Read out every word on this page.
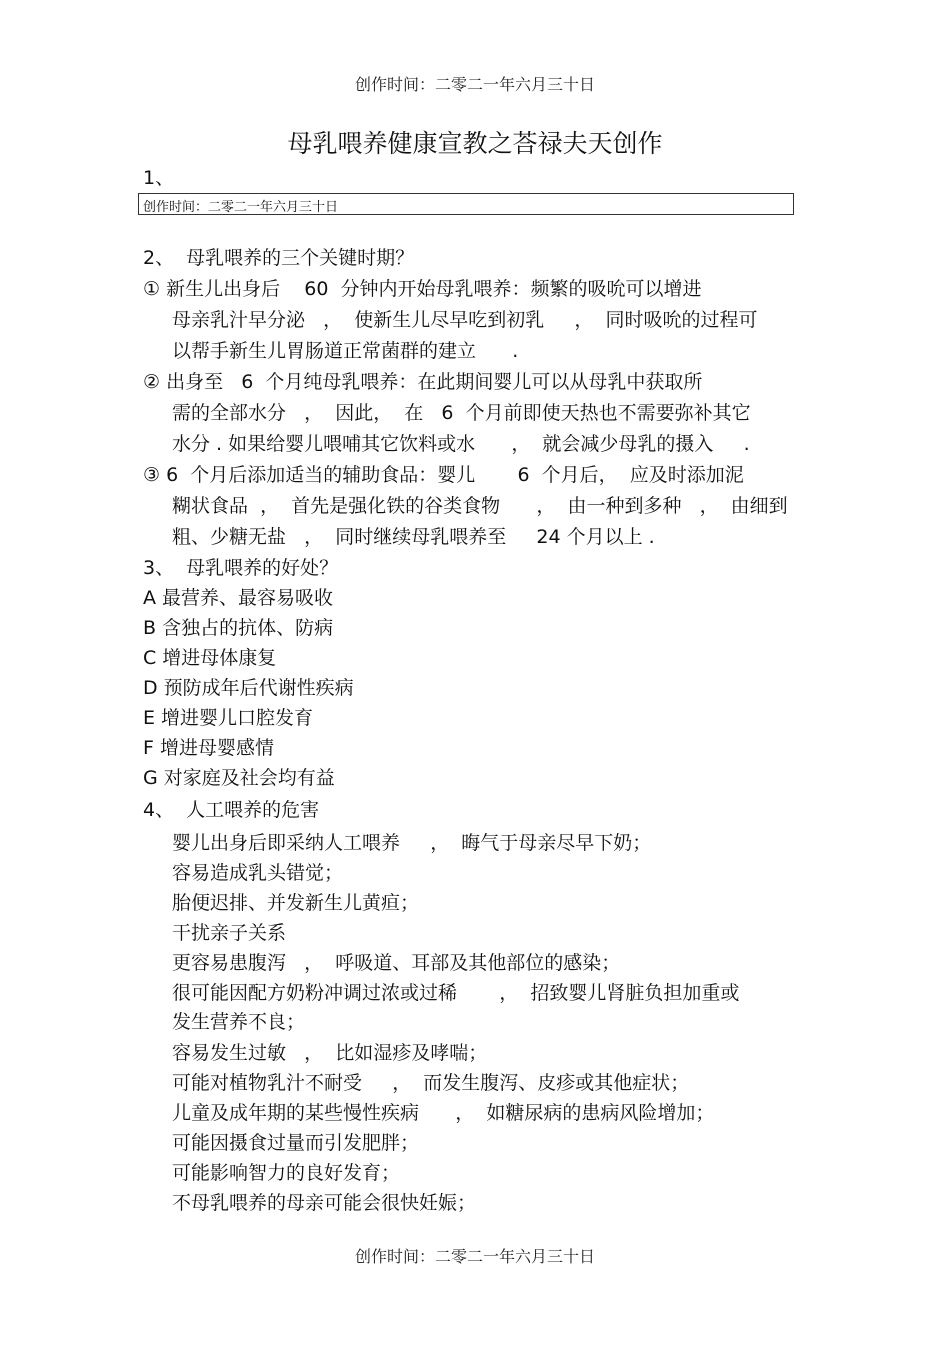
创作时间：二零二一年六月三十日
母乳喂养健康宣教之荅禄夫天创作
1、
创作时间：二零二一年六月三十日
2、  母乳喂养的三个关键时期？
① 新生儿出身后    60  分钟内开始母乳喂养：频繁的吸吮可以增进
母亲乳汁早分泌   ，  使新生儿尽早吃到初乳     ，  同时吸吮的过程可
以帮手新生儿胃肠道正常菌群的建立      .
② 出身至   6  个月纯母乳喂养：在此期间婴儿可以从母乳中获取所
需的全部水分   ，  因此，  在   6  个月前即使天热也不需要弥补其它
水分 . 如果给婴儿喂哺其它饮料或水      ，  就会减少母乳的摄入     .
③ 6  个月后添加适当的辅助食品：婴儿       6  个月后，  应及时添加泥
糊状食品  ，  首先是强化铁的谷类食物      ，  由一种到多种   ，  由细到
粗、少糖无盐   ，  同时继续母乳喂养至     24 个月以上 .
3、  母乳喂养的好处？
A 最营养、最容易吸收
B 含独占的抗体、防病
C 增进母体康复
D 预防成年后代谢性疾病
E 增进婴儿口腔发育
F 增进母婴感情
G 对家庭及社会均有益
4、  人工喂养的危害
婴儿出身后即采纳人工喂养     ，  晦气于母亲尽早下奶；
容易造成乳头错觉；
胎便迟排、并发新生儿黄疸；
干扰亲子关系
更容易患腹泻   ，  呼吸道、耳部及其他部位的感染；
很可能因配方奶粉冲调过浓或过稀       ，  招致婴儿肾脏负担加重或
发生营养不良；
容易发生过敏   ，  比如湿疹及哮喘；
可能对植物乳汁不耐受     ，  而发生腹泻、皮疹或其他症状；
儿童及成年期的某些慢性疾病      ，  如糖尿病的患病风险增加；
可能因摄食过量而引发肥胖；
可能影响智力的良好发育；
不母乳喂养的母亲可能会很快妊娠；
创作时间：二零二一年六月三十日
